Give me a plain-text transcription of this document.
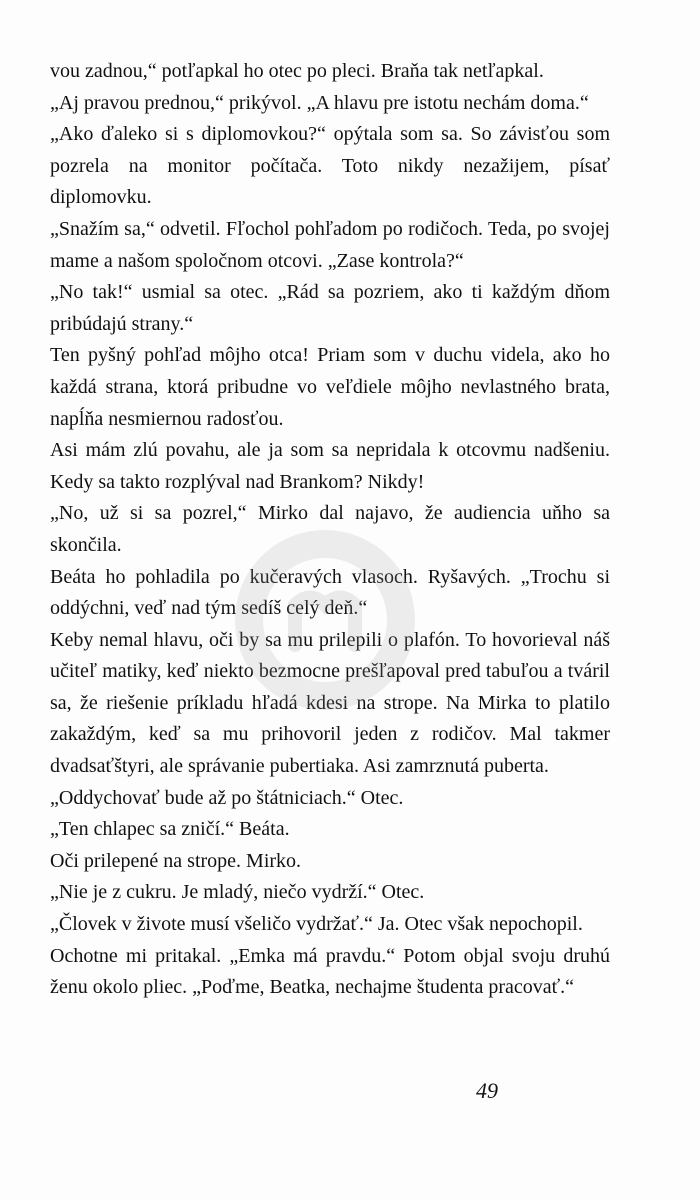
vou zadnou,“ potľapkal ho otec po pleci. Braňa tak netľapkal.

„Aj pravou prednou,“ prikývol. „A hlavu pre istotu nechám doma.“

„Ako ďaleko si s diplomovkou?“ opýtala som sa. So závisťou som pozrela na monitor počítača. Toto nikdy nezažijem, písať diplomovku.

„Snažím sa,“ odvetil. Fľochol pohľadom po rodičoch. Teda, po svojej mame a našom spoločnom otcovi. „Zase kontrola?“

„No tak!“ usmial sa otec. „Rád sa pozriem, ako ti každým dňom pribúdajú strany.“

Ten pyšný pohľad môjho otca! Priam som v duchu videla, ako ho každá strana, ktorá pribudne vo veľdiele môjho nevlastného brata, napĺňa nesmiernou radosťou.

Asi mám zlú povahu, ale ja som sa nepridala k otcovmu nadšeniu. Kedy sa takto rozplýval nad Brankom? Nikdy!

„No, už si sa pozrel,“ Mirko dal najavo, že audiencia uňho sa skončila.

Beáta ho pohladila po kučeravých vlasoch. Ryšavých. „Trochu si oddýchni, veď nad tým sedíš celý deň.“

Keby nemal hlavu, oči by sa mu prilepili o plafón. To hovorieval náš učiteľ matiky, keď niekto bezmocne prešľapoval pred tabuľou a tváril sa, že riešenie príkladu hľadá kdesi na strope. Na Mirka to platilo zakaždým, keď sa mu prihovoril jeden z rodičov. Mal takmer dvadsaťštyri, ale správanie pubertiaka. Asi zamrznutá puberta.

„Oddychovať bude až po štátniciach.“ Otec.

„Ten chlapec sa zničí.“ Beáta.

Oči prilepené na strope. Mirko.

„Nie je z cukru. Je mladý, niečo vydrží.“ Otec.

„Človek v živote musí všeličo vydržať.“ Ja. Otec však nepochopil.

Ochotne mi pritakal. „Emka má pravdu.“ Potom objal svoju druhú ženu okolo pliec. „Poďme, Beatka, nechajme študenta pracovať.“

49
